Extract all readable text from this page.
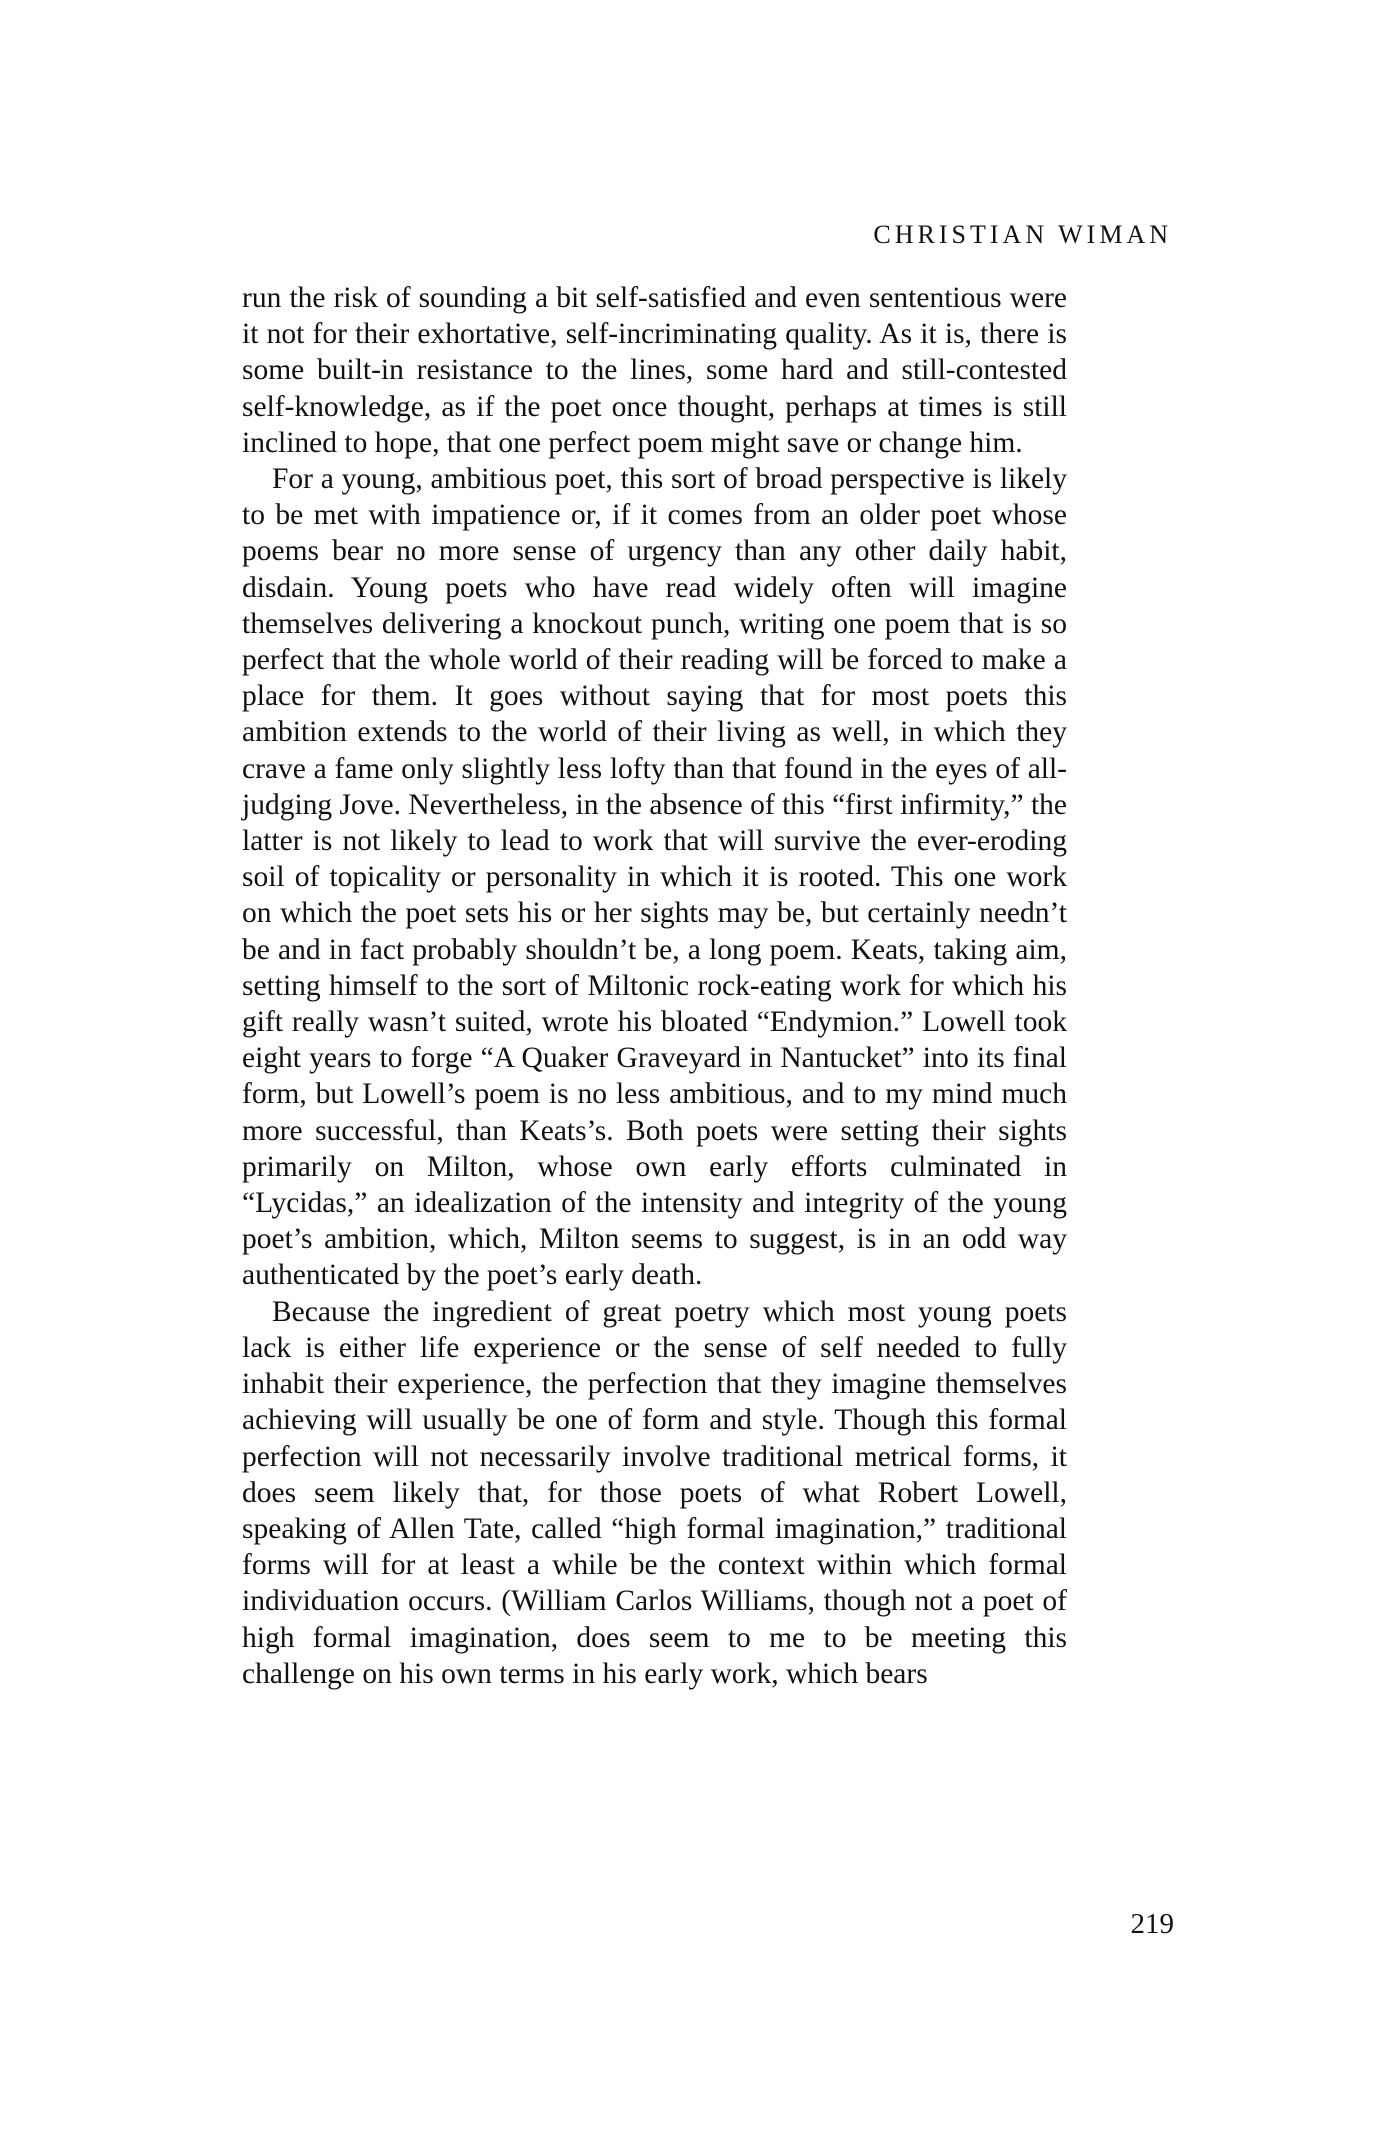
CHRISTIAN WIMAN

run the risk of sounding a bit self-satisfied and even sententious were it not for their exhortative, self-incriminating quality. As it is, there is some built-in resistance to the lines, some hard and still-contested self-knowledge, as if the poet once thought, perhaps at times is still inclined to hope, that one perfect poem might save or change him.

For a young, ambitious poet, this sort of broad perspective is likely to be met with impatience or, if it comes from an older poet whose poems bear no more sense of urgency than any other daily habit, disdain. Young poets who have read widely often will imagine themselves delivering a knockout punch, writing one poem that is so perfect that the whole world of their reading will be forced to make a place for them. It goes without saying that for most poets this ambition extends to the world of their living as well, in which they crave a fame only slightly less lofty than that found in the eyes of all-judging Jove. Nevertheless, in the absence of this “first infirmity,” the latter is not likely to lead to work that will survive the ever-eroding soil of topicality or personality in which it is rooted. This one work on which the poet sets his or her sights may be, but certainly needn’t be and in fact probably shouldn’t be, a long poem. Keats, taking aim, setting himself to the sort of Miltonic rock-eating work for which his gift really wasn’t suited, wrote his bloated “Endymion.” Lowell took eight years to forge “A Quaker Graveyard in Nantucket” into its final form, but Lowell’s poem is no less ambitious, and to my mind much more successful, than Keats’s. Both poets were setting their sights primarily on Milton, whose own early efforts culminated in “Lycidas,” an idealization of the intensity and integrity of the young poet’s ambition, which, Milton seems to suggest, is in an odd way authenticated by the poet’s early death.

Because the ingredient of great poetry which most young poets lack is either life experience or the sense of self needed to fully inhabit their experience, the perfection that they imagine themselves achieving will usually be one of form and style. Though this formal perfection will not necessarily involve traditional metrical forms, it does seem likely that, for those poets of what Robert Lowell, speaking of Allen Tate, called “high formal imagination,” traditional forms will for at least a while be the context within which formal individuation occurs. (William Carlos Williams, though not a poet of high formal imagination, does seem to me to be meeting this challenge on his own terms in his early work, which bears

219
